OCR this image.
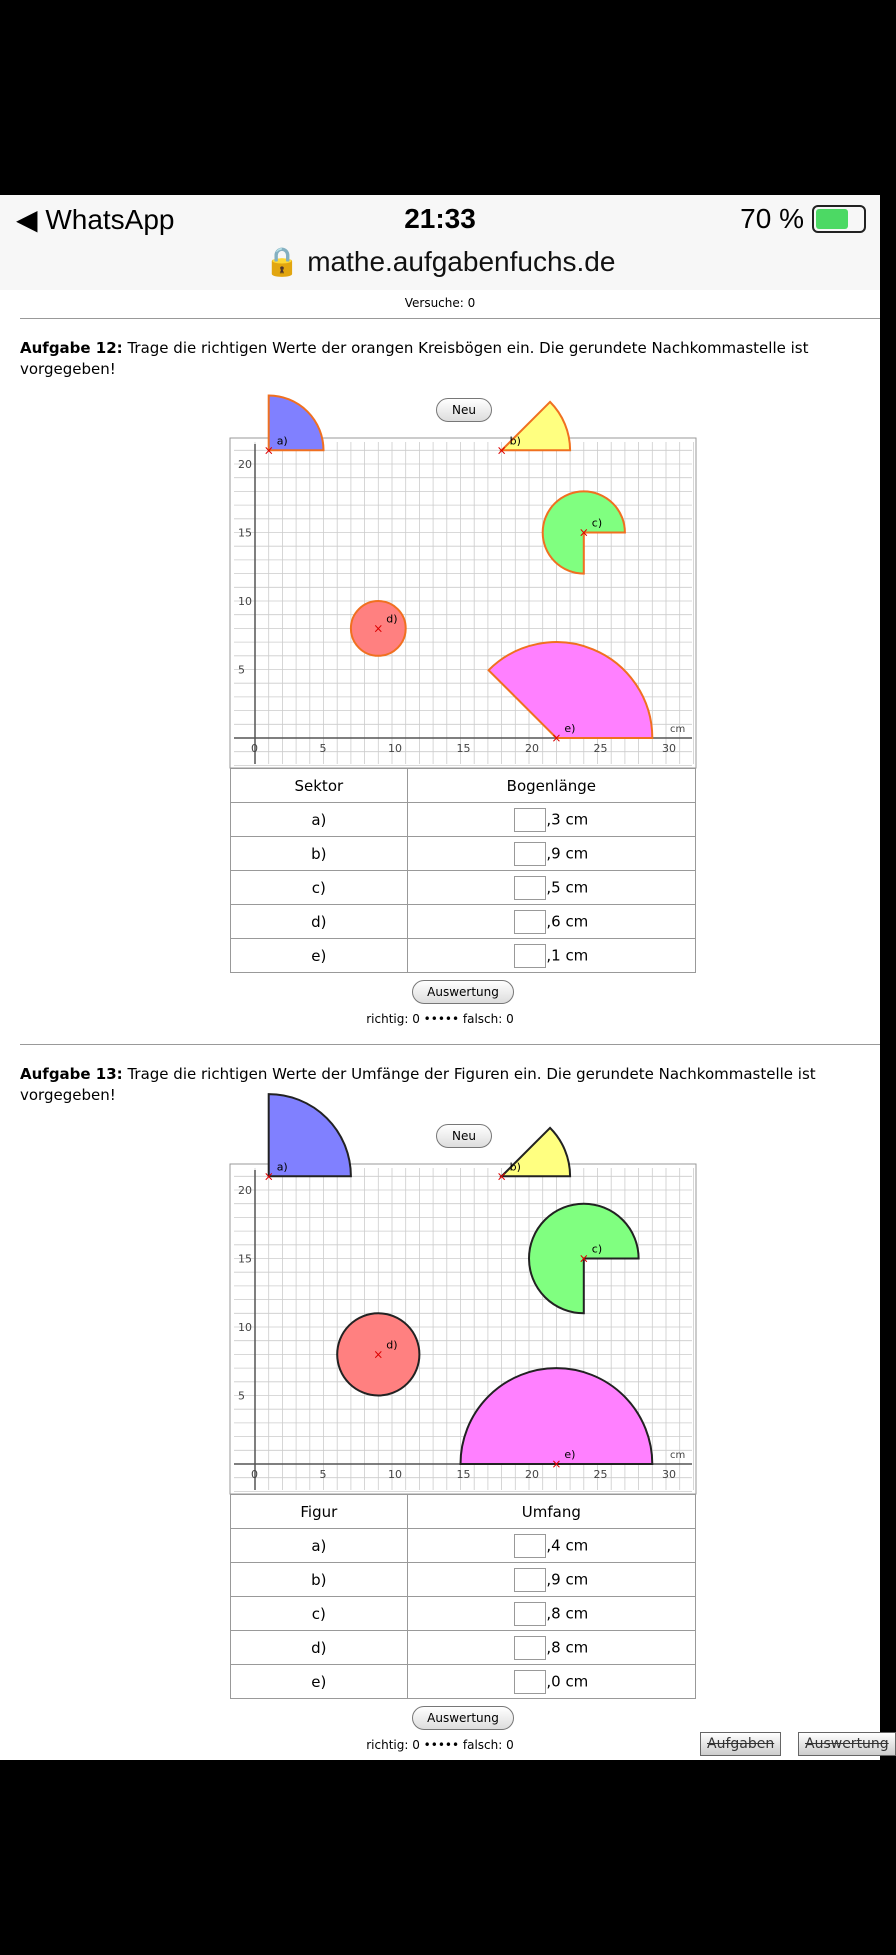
◀ WhatsApp	21:33	70 %
🔒 mathe.aufgabenfuchs.de
Versuche: 0
Aufgabe 12: Trage die richtigen Werte der orangen Kreisbögen ein. Die gerundete Nachkommastelle ist vorgegeben!
Neu
×
a)
×
b)
×
c)
×
d)
×
e)
0	5	10	15	20	25	30
5
10
15
20
cm
Sektor	Bogenlänge
a)	,3 cm
b)	,9 cm
c)	,5 cm
d)	,6 cm
e)	,1 cm
Auswertung
richtig: 0 ••••• falsch: 0
Aufgabe 13: Trage die richtigen Werte der Umfänge der Figuren ein. Die gerundete Nachkommastelle ist vorgegeben!
Neu
×
a)
×
b)
×
c)
×
d)
×
e)
0	5	10	15	20	25	30
5
10
15
20
cm
Figur	Umfang
a)	,4 cm
b)	,9 cm
c)	,8 cm
d)	,8 cm
e)	,0 cm
Auswertung
richtig: 0 ••••• falsch: 0	Aufgaben	Auswertung
